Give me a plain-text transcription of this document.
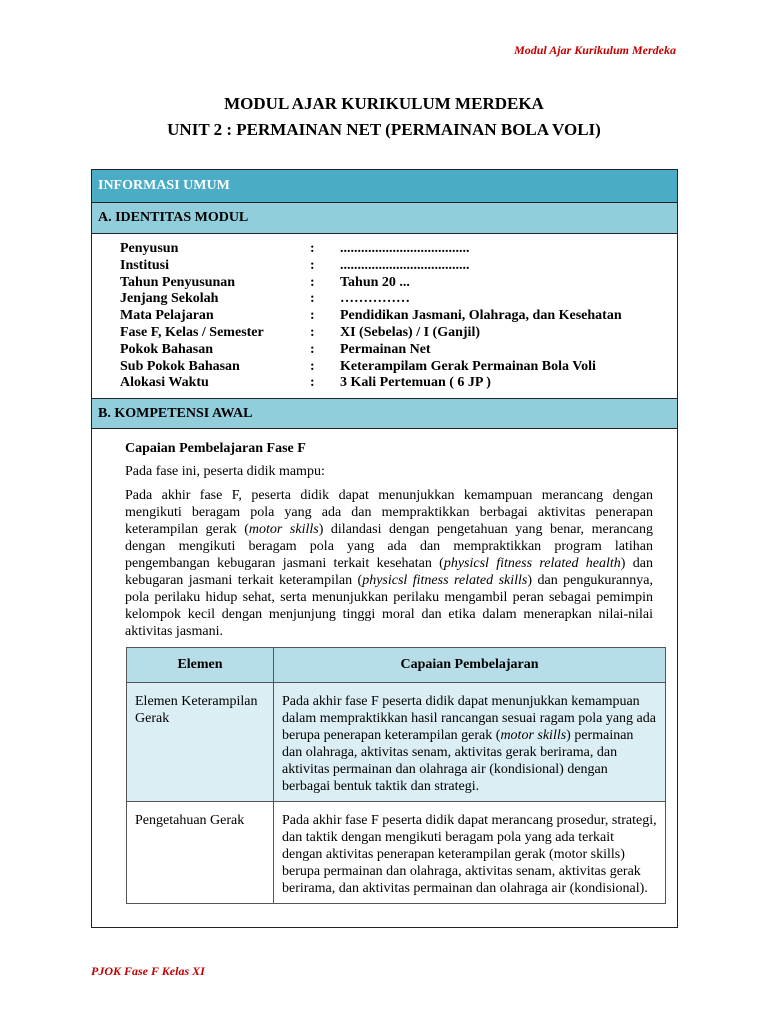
Modul Ajar Kurikulum Merdeka
MODUL AJAR KURIKULUM MERDEKA
UNIT 2 : PERMAINAN NET (PERMAINAN BOLA VOLI)
INFORMASI UMUM
A. IDENTITAS MODUL
Penyusun	:	.....................................
Institusi	:	.....................................
Tahun Penyusunan	:	Tahun 20 ...
Jenjang Sekolah	:	……………
Mata Pelajaran	:	Pendidikan Jasmani, Olahraga, dan Kesehatan
Fase F, Kelas / Semester	:	XI (Sebelas) / I (Ganjil)
Pokok Bahasan	:	Permainan Net
Sub Pokok Bahasan	:	Keterampilam Gerak Permainan Bola Voli
Alokasi Waktu	:	3 Kali Pertemuan ( 6 JP )
B. KOMPETENSI AWAL
Capaian Pembelajaran Fase F
Pada fase ini, peserta didik mampu:
Pada akhir fase F, peserta didik dapat menunjukkan kemampuan merancang dengan mengikuti beragam pola yang ada dan mempraktikkan berbagai aktivitas penerapan keterampilan gerak (motor skills) dilandasi dengan pengetahuan yang benar, merancang dengan mengikuti beragam pola yang ada dan mempraktikkan program latihan pengembangan kebugaran jasmani terkait kesehatan (physicsl fitness related health) dan kebugaran jasmani terkait keterampilan (physicsl fitness related skills) dan pengukurannya, pola perilaku hidup sehat, serta menunjukkan perilaku mengambil peran sebagai pemimpin kelompok kecil dengan menjunjung tinggi moral dan etika dalam menerapkan nilai-nilai aktivitas jasmani.
Elemen	Capaian Pembelajaran
Elemen Keterampilan Gerak	Pada akhir fase F peserta didik dapat menunjukkan kemampuan dalam mempraktikkan hasil rancangan sesuai ragam pola yang ada berupa penerapan keterampilan gerak (motor skills) permainan dan olahraga, aktivitas senam, aktivitas gerak berirama, dan aktivitas permainan dan olahraga air (kondisional) dengan berbagai bentuk taktik dan strategi.
Pengetahuan Gerak	Pada akhir fase F peserta didik dapat merancang prosedur, strategi, dan taktik dengan mengikuti beragam pola yang ada terkait dengan aktivitas penerapan keterampilan gerak (motor skills) berupa permainan dan olahraga, aktivitas senam, aktivitas gerak berirama, dan aktivitas permainan dan olahraga air (kondisional).
PJOK Fase F Kelas XI
